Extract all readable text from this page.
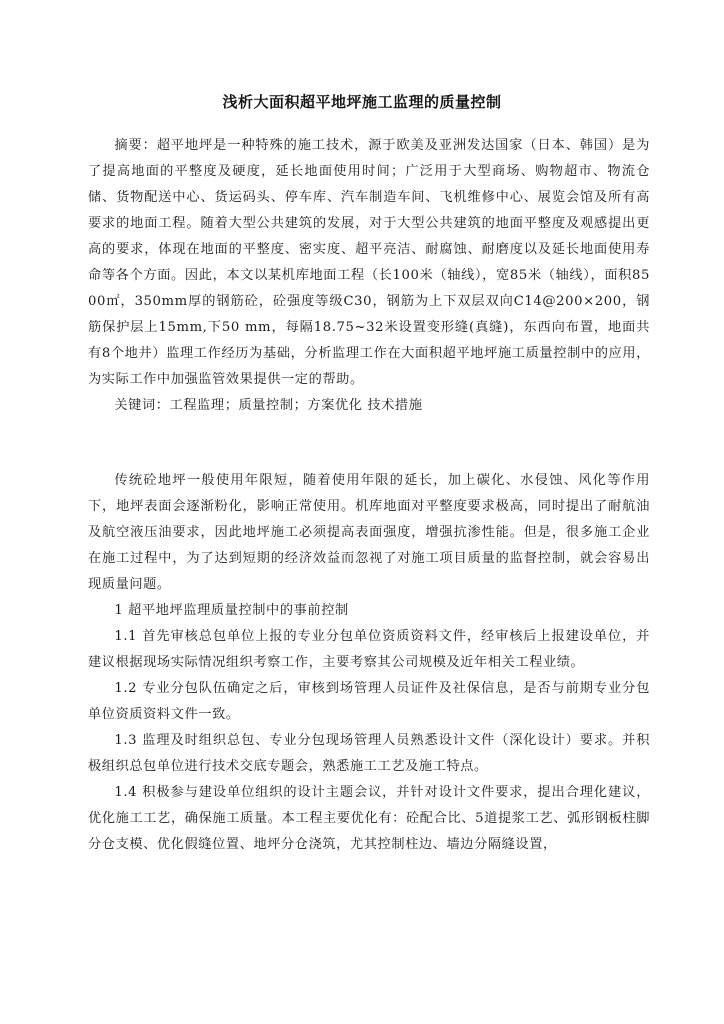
浅析大面积超平地坪施工监理的质量控制

摘要：超平地坪是一种特殊的施工技术，源于欧美及亚洲发达国家（日本、韩国）是为了提高地面的平整度及硬度，延长地面使用时间；广泛用于大型商场、购物超市、物流仓储、货物配送中心、货运码头、停车库、汽车制造车间、飞机维修中心、展览会馆及所有高要求的地面工程。随着大型公共建筑的发展，对于大型公共建筑的地面平整度及观感提出更高的要求，体现在地面的平整度、密实度、超平亮洁、耐腐蚀、耐磨度以及延长地面使用寿命等各个方面。因此，本文以某机库地面工程（长100米（轴线），宽85米（轴线），面积8500㎡，350mm厚的钢筋砼，砼强度等级C30，钢筋为上下双层双向C14@200×200，钢筋保护层上15mm,下50 mm，每隔18.75~32米设置变形缝(真缝)，东西向布置，地面共有8个地井）监理工作经历为基础，分析监理工作在大面积超平地坪施工质量控制中的应用，为实际工作中加强监管效果提供一定的帮助。

关键词：工程监理；质量控制；方案优化 技术措施

传统砼地坪一般使用年限短，随着使用年限的延长，加上碳化、水侵蚀、风化等作用下，地坪表面会逐渐粉化，影响正常使用。机库地面对平整度要求极高，同时提出了耐航油及航空液压油要求，因此地坪施工必须提高表面强度，增强抗渗性能。但是，很多施工企业在施工过程中，为了达到短期的经济效益而忽视了对施工项目质量的监督控制，就会容易出现质量问题。

1 超平地坪监理质量控制中的事前控制

1.1 首先审核总包单位上报的专业分包单位资质资料文件，经审核后上报建设单位，并建议根据现场实际情况组织考察工作，主要考察其公司规模及近年相关工程业绩。

1.2 专业分包队伍确定之后，审核到场管理人员证件及社保信息，是否与前期专业分包单位资质资料文件一致。

1.3 监理及时组织总包、专业分包现场管理人员熟悉设计文件（深化设计）要求。并积极组织总包单位进行技术交底专题会，熟悉施工工艺及施工特点。

1.4 积极参与建设单位组织的设计主题会议，并针对设计文件要求，提出合理化建议，优化施工工艺，确保施工质量。本工程主要优化有：砼配合比、5道提浆工艺、弧形钢板柱脚分仓支模、优化假缝位置、地坪分仓浇筑，尤其控制柱边、墙边分隔缝设置，
